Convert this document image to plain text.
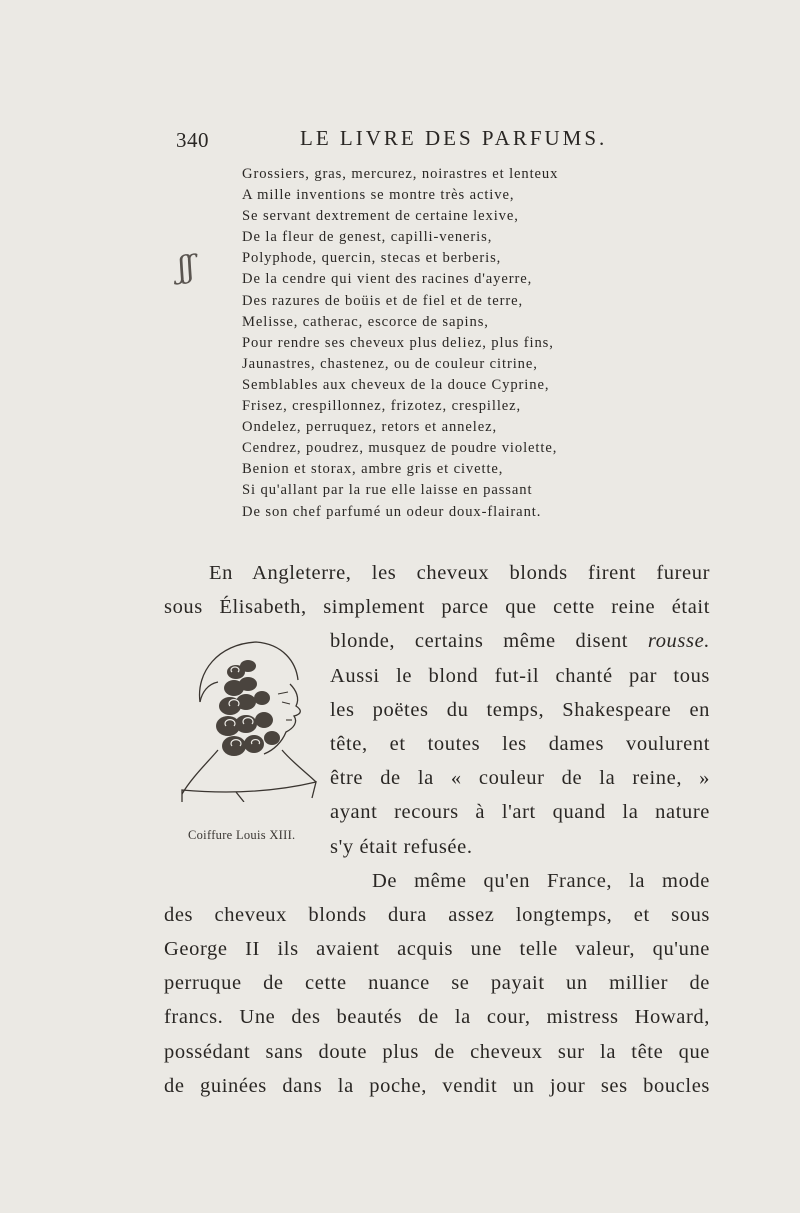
340	LE LIVRE DES PARFUMS.
ʃʃ
Grossiers, gras, mercurez, noirastres et lenteux
A mille inventions se montre très active,
Se servant dextrement de certaine lexive,
De la fleur de genest, capilli-veneris,
Polyphode, quercin, stecas et berberis,
De la cendre qui vient des racines d'ayerre,
Des razures de boüis et de fiel et de terre,
Melisse, catherac, escorce de sapins,
Pour rendre ses cheveux plus deliez, plus fins,
Jaunastres, chastenez, ou de couleur citrine,
Semblables aux cheveux de la douce Cyprine,
Frisez, crespillonnez, frizotez, crespillez,
Ondelez, perruquez, retors et annelez,
Cendrez, poudrez, musquez de poudre violette,
Benion et storax, ambre gris et civette,
Si qu'allant par la rue elle laisse en passant
De son chef parfumé un odeur doux-flairant.
Coiffure Louis XIII.
En Angleterre, les cheveux blonds firent fureur
sous Élisabeth, simplement parce que cette reine était
blonde, certains même disent rousse.
Aussi le blond fut-il chanté par tous
les poëtes du temps, Shakespeare en
tête, et toutes les dames voulurent
être de la « couleur de la reine, »
ayant recours à l'art quand la nature
s'y était refusée.
De même qu'en France, la mode
des cheveux blonds dura assez longtemps, et sous
George II ils avaient acquis une telle valeur, qu'une
perruque de cette nuance se payait un millier de
francs. Une des beautés de la cour, mistress Howard,
possédant sans doute plus de cheveux sur la tête que
de guinées dans la poche, vendit un jour ses boucles
